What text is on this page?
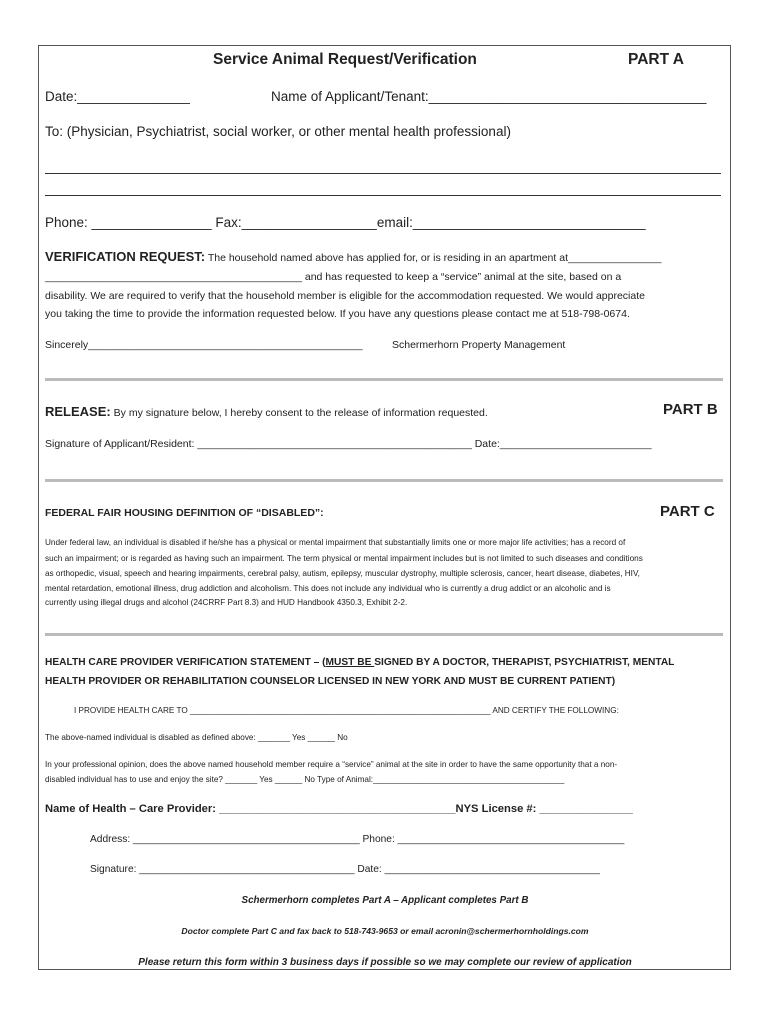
Service Animal Request/Verification	PART A
Date:_______________	Name of Applicant/Tenant:_____________________________________
To: (Physician, Psychiatrist, social worker, or other mental health professional)
Phone: ________________ Fax:__________________email:_______________________________
VERIFICATION REQUEST: The household named above has applied for, or is residing in an apartment at________________
____________________________________________ and has requested to keep a “service” animal at the site, based on a
disability. We are required to verify that the household member is eligible for the accommodation requested. We would appreciate
you taking the time to provide the information requested below. If you have any questions please contact me at 518-798-0674.
Sincerely_______________________________________________	Schermerhorn Property Management
RELEASE: By my signature below, I hereby consent to the release of information requested.	PART B
Signature of Applicant/Resident: _______________________________________________ Date:__________________________
FEDERAL FAIR HOUSING DEFINITION OF “DISABLED”:	PART C
Under federal law, an individual is disabled if he/she has a physical or mental impairment that substantially limits one or more major life activities; has a record of
such an impairment; or is regarded as having such an impairment. The term physical or mental impairment includes but is not limited to such diseases and conditions
as orthopedic, visual, speech and hearing impairments, cerebral palsy, autism, epilepsy, muscular dystrophy, multiple sclerosis, cancer, heart disease, diabetes, HIV,
mental retardation, emotional illness, drug addiction and alcoholism. This does not include any individual who is currently a drug addict or an alcoholic and is
currently using illegal drugs and alcohol (24CRRF Part 8.3) and HUD Handbook 4350.3, Exhibit 2-2.
HEALTH CARE PROVIDER VERIFICATION STATEMENT – (MUST BE SIGNED BY A DOCTOR, THERAPIST, PSYCHIATRIST, MENTAL
HEALTH PROVIDER OR REHABILITATION COUNSELOR LICENSED IN NEW YORK AND MUST BE CURRENT PATIENT)
I PROVIDE HEALTH CARE TO __________________________________________________________________ AND CERTIFY THE FOLLOWING:
The above-named individual is disabled as defined above: _______ Yes ______ No
In your professional opinion, does the above named household member require a “service” animal at the site in order to have the same opportunity that a non-
disabled individual has to use and enjoy the site? _______ Yes ______ No Type of Animal:__________________________________________
Name of Health – Care Provider: ______________________________________NYS License #: _______________
Address: ________________________________________ Phone: ________________________________________
Signature: ______________________________________ Date: ______________________________________
Schermerhorn completes Part A – Applicant completes Part B
Doctor complete Part C and fax back to 518-743-9653 or email acronin@schermerhornholdings.com
Please return this form within 3 business days if possible so we may complete our review of application
